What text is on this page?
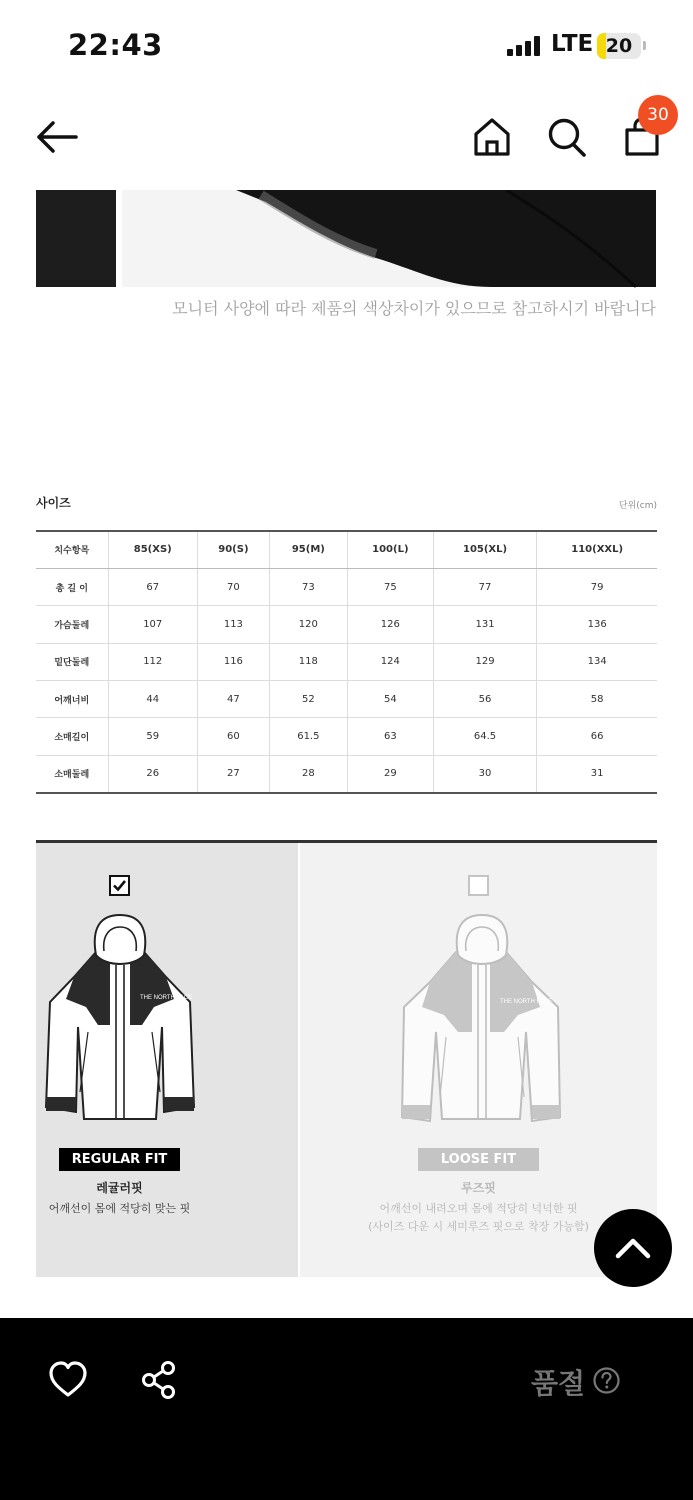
22:43	LTE 20
30
모니터 사양에 따라 제품의 색상차이가 있으므로 참고하시기 바랍니다
사이즈	단위(cm)
치수항목	85(XS)	90(S)	95(M)	100(L)	105(XL)	110(XXL)
총 길 이	67	70	73	75	77	79
가슴둘레	107	113	120	126	131	136
밑단둘레	112	116	118	124	129	134
어깨너비	44	47	52	54	56	58
소매길이	59	60	61.5	63	64.5	66
소매둘레	26	27	28	29	30	31
THE NORTH FACE
REGULAR FIT
레귤러핏
어깨선이 몸에 적당히 맞는 핏
THE NORTH FACE
LOOSE FIT
루즈핏
어깨선이 내려오며 몸에 적당히 넉넉한 핏
(사이즈 다운 시 세미루즈 핏으로 착장 가능함)
품절
